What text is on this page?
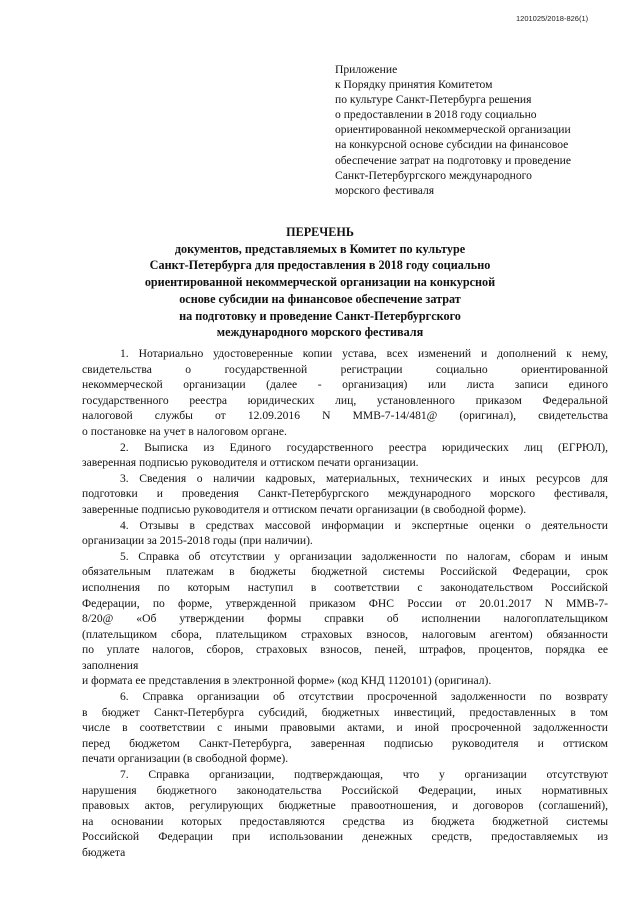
1201025/2018-826(1)
Приложение
к Порядку принятия Комитетом
по культуре Санкт-Петербурга решения
о предоставлении в 2018 году социально
ориентированной некоммерческой организации
на конкурсной основе субсидии на финансовое
обеспечение затрат на подготовку и проведение
Санкт-Петербургского международного
морского фестиваля
ПЕРЕЧЕНЬ
документов, представляемых в Комитет по культуре
Санкт-Петербурга для предоставления в 2018 году социально
ориентированной некоммерческой организации на конкурсной
основе субсидии на финансовое обеспечение затрат
на подготовку и проведение Санкт-Петербургского
международного морского фестиваля
1. Нотариально удостоверенные копии устава, всех изменений и дополнений к нему,
свидетельства о государственной регистрации социально ориентированной
некоммерческой организации (далее - организация) или листа записи единого
государственного реестра юридических лиц, установленного приказом Федеральной
налоговой службы от 12.09.2016 N ММВ-7-14/481@ (оригинал), свидетельства
о постановке на учет в налоговом органе.
2. Выписка из Единого государственного реестра юридических лиц (ЕГРЮЛ),
заверенная подписью руководителя и оттиском печати организации.
3. Сведения о наличии кадровых, материальных, технических и иных ресурсов для
подготовки и проведения Санкт-Петербургского международного морского фестиваля,
заверенные подписью руководителя и оттиском печати организации (в свободной форме).
4. Отзывы в средствах массовой информации и экспертные оценки о деятельности
организации за 2015-2018 годы (при наличии).
5. Справка об отсутствии у организации задолженности по налогам, сборам и иным
обязательным платежам в бюджеты бюджетной системы Российской Федерации, срок
исполнения по которым наступил в соответствии с законодательством Российской
Федерации, по форме, утвержденной приказом ФНС России от 20.01.2017 N ММВ-7-
8/20@ «Об утверждении формы справки об исполнении налогоплательщиком
(плательщиком сбора, плательщиком страховых взносов, налоговым агентом) обязанности
по уплате налогов, сборов, страховых взносов, пеней, штрафов, процентов, порядка ее
заполнения
и формата ее представления в электронной форме» (код КНД 1120101) (оригинал).
6. Справка организации об отсутствии просроченной задолженности по возврату
в бюджет Санкт-Петербурга субсидий, бюджетных инвестиций, предоставленных в том
числе в соответствии с иными правовыми актами, и иной просроченной задолженности
перед бюджетом Санкт-Петербурга, заверенная подписью руководителя и оттиском
печати организации (в свободной форме).
7. Справка организации, подтверждающая, что у организации отсутствуют
нарушения бюджетного законодательства Российской Федерации, иных нормативных
правовых актов, регулирующих бюджетные правоотношения, и договоров (соглашений),
на основании которых предоставляются средства из бюджета бюджетной системы
Российской Федерации при использовании денежных средств, предоставляемых из
бюджета
